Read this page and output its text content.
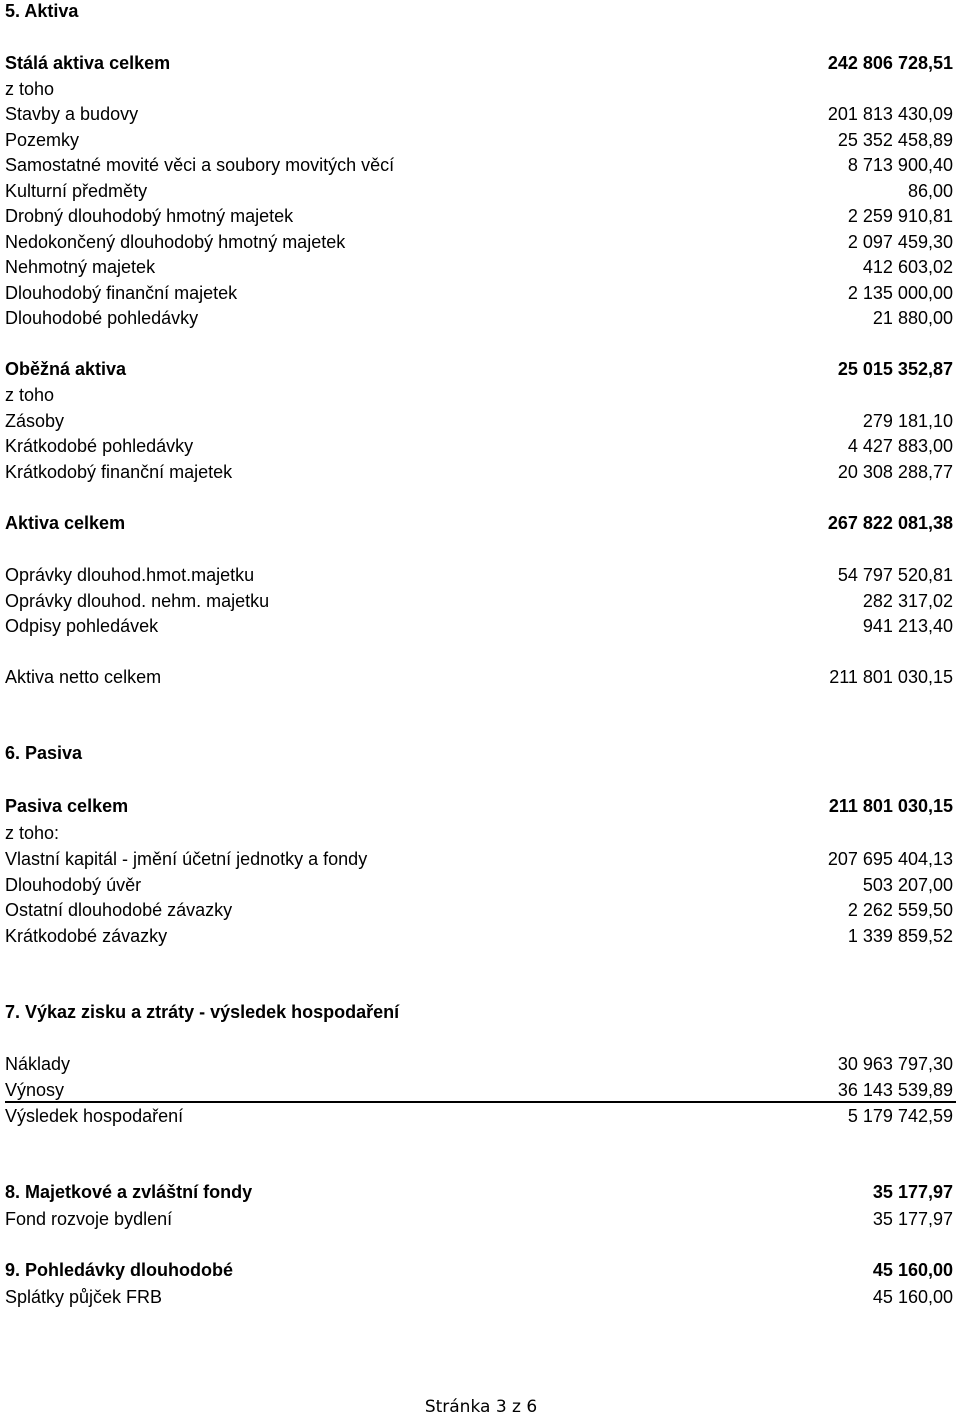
5. Aktiva
Stálá aktiva celkem	242 806 728,51
z toho
Stavby a budovy	201 813 430,09
Pozemky	25 352 458,89
Samostatné movité věci a soubory movitých věcí	8 713 900,40
Kulturní předměty	86,00
Drobný dlouhodobý hmotný majetek	2 259 910,81
Nedokončený dlouhodobý hmotný majetek	2 097 459,30
Nehmotný majetek	412 603,02
Dlouhodobý finanční majetek	2 135 000,00
Dlouhodobé pohledávky	21 880,00
Oběžná aktiva	25 015 352,87
z toho
Zásoby	279 181,10
Krátkodobé pohledávky	4 427 883,00
Krátkodobý finanční majetek	20 308 288,77
Aktiva celkem	267 822 081,38
Oprávky dlouhod.hmot.majetku	54 797 520,81
Oprávky dlouhod. nehm. majetku	282 317,02
Odpisy pohledávek	941 213,40
Aktiva netto celkem	211 801 030,15
6. Pasiva
Pasiva celkem	211 801 030,15
z toho:
Vlastní kapitál - jmění účetní jednotky a fondy	207 695 404,13
Dlouhodobý úvěr	503 207,00
Ostatní dlouhodobé závazky	2 262 559,50
Krátkodobé závazky	1 339 859,52
7. Výkaz zisku a ztráty - výsledek hospodaření
Náklady	30 963 797,30
Výnosy	36 143 539,89
Výsledek hospodaření	5 179 742,59
8. Majetkové a zvláštní fondy	35 177,97
Fond rozvoje bydlení	35 177,97
9. Pohledávky dlouhodobé	45 160,00
Splátky půjček FRB	45 160,00
Stránka 3 z 6
